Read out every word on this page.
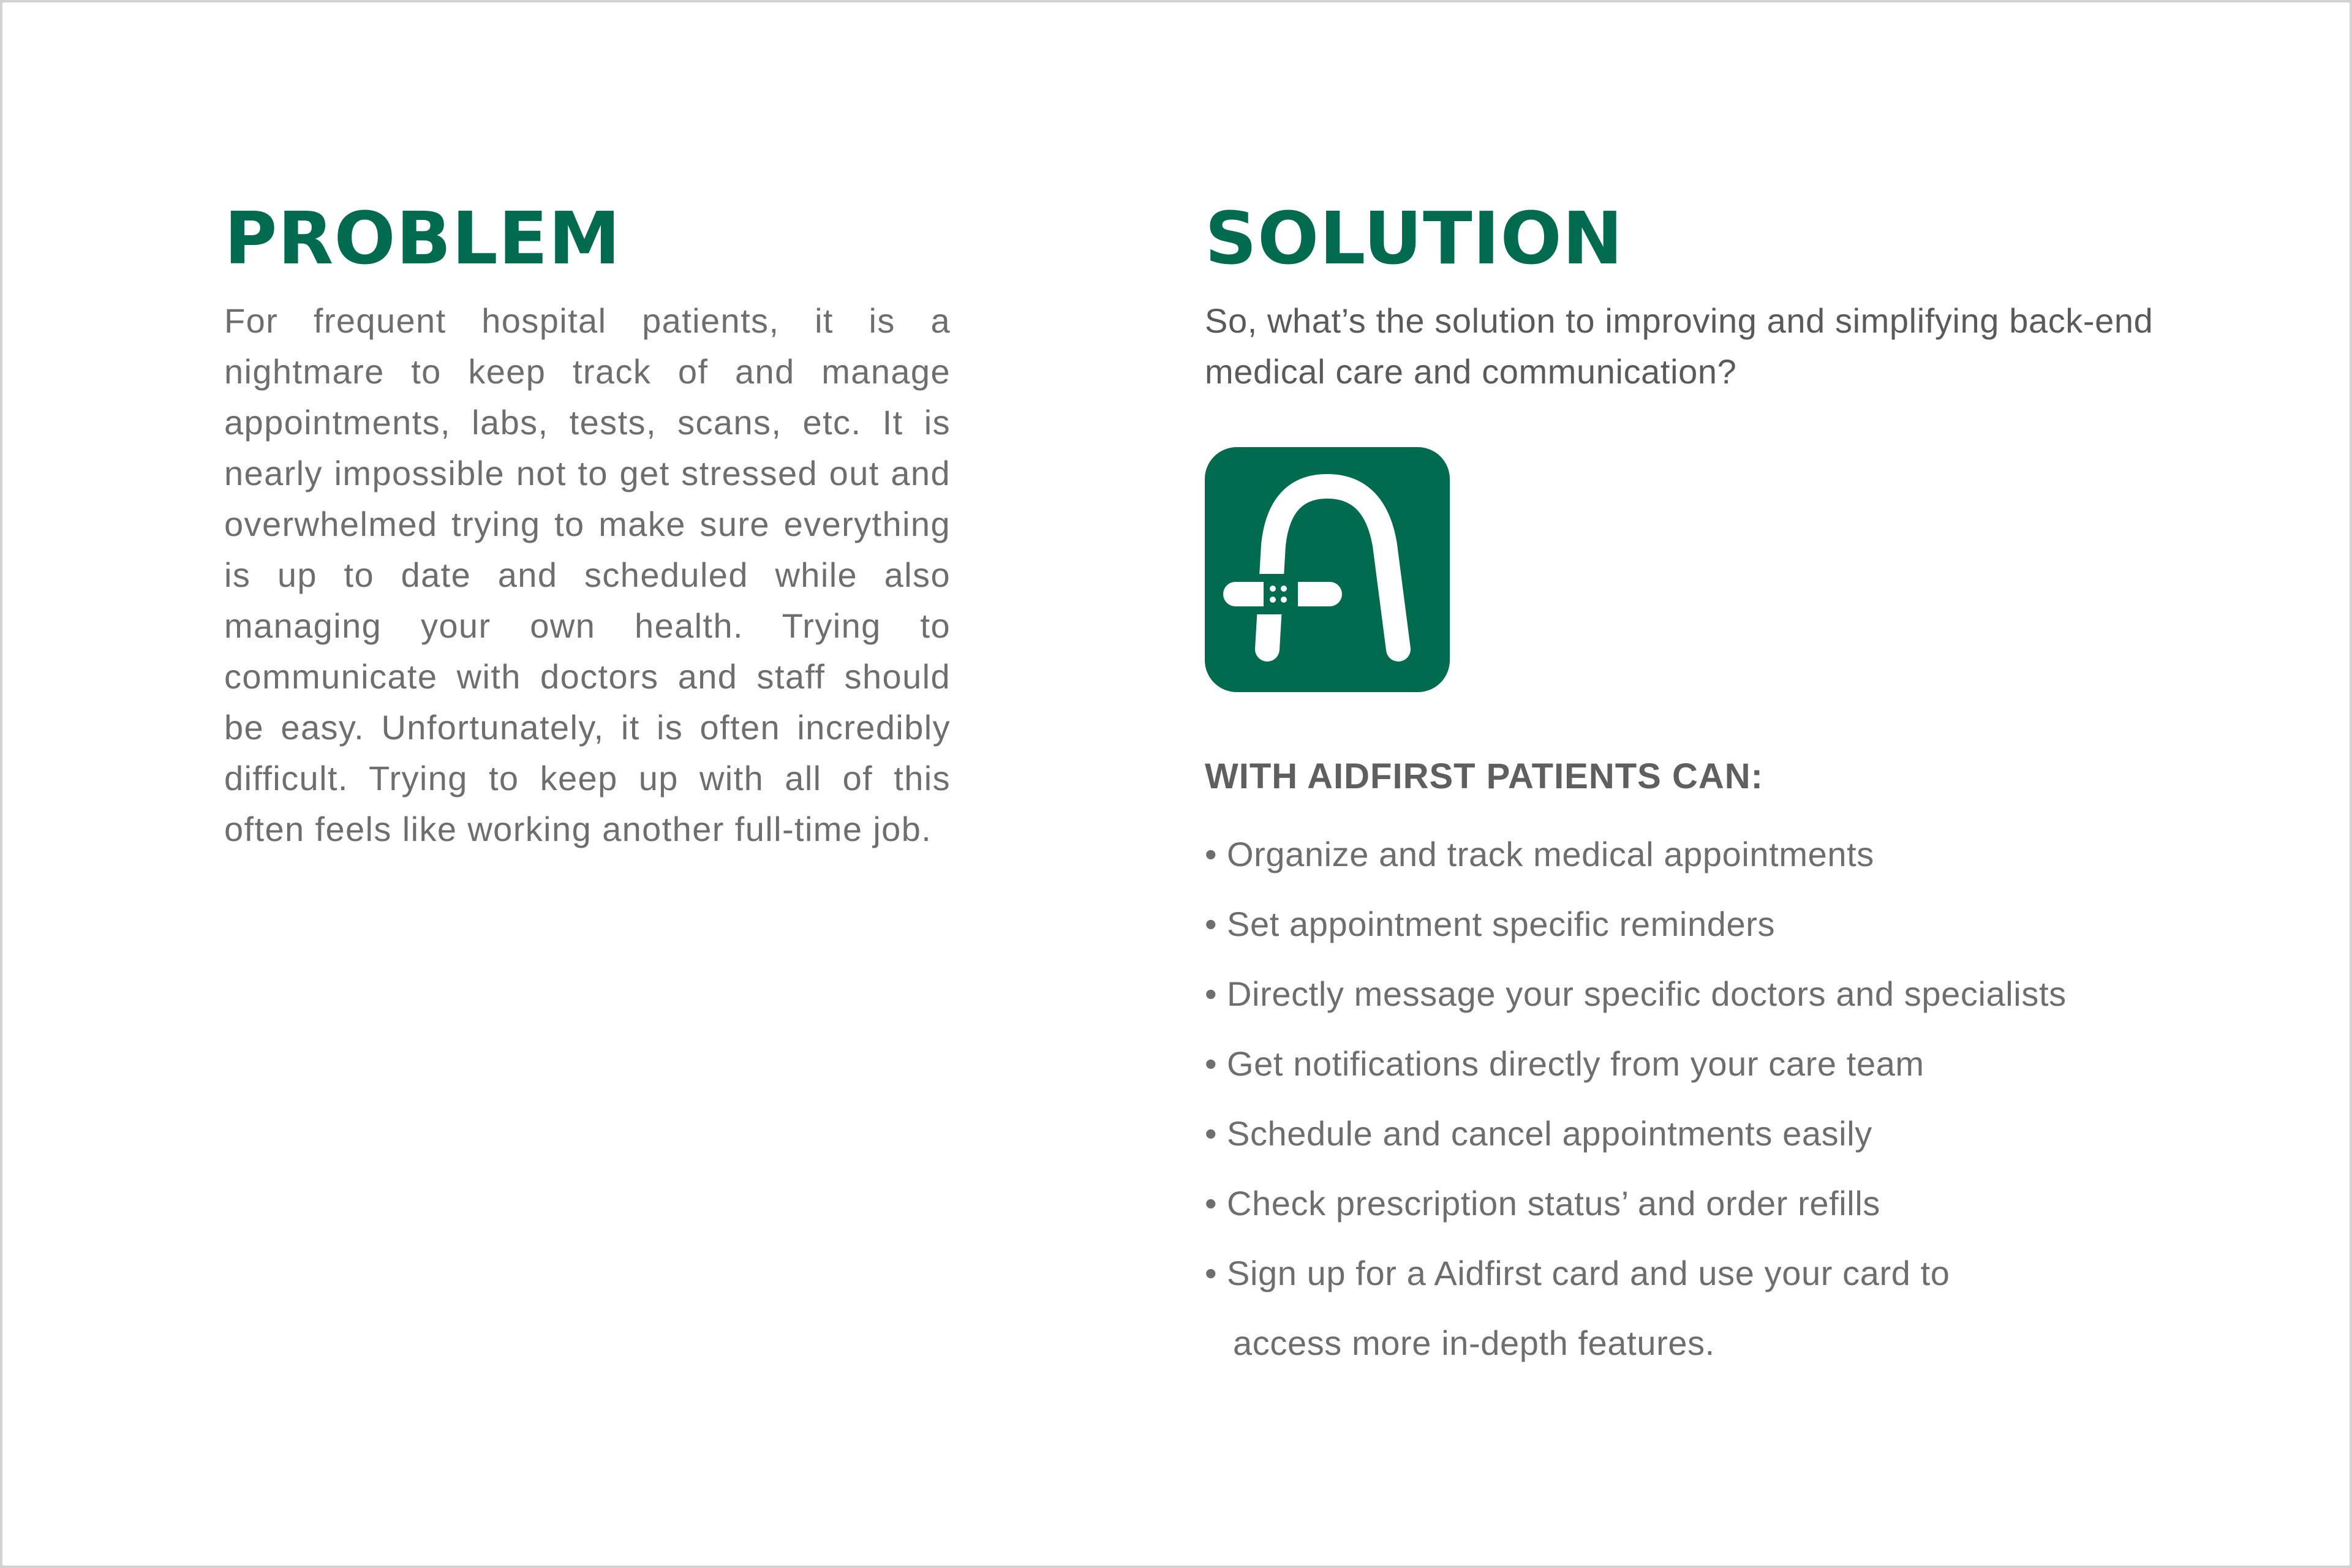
PROBLEM

For frequent hospital patients, it is a nightmare to keep track of and manage appointments, labs, tests, scans, etc. It is nearly impossible not to get stressed out and overwhelmed trying to make sure everything is up to date and scheduled while also managing your own health. Trying to communicate with doctors and staff should be easy. Unfortunately, it is often incredibly difficult. Trying to keep up with all of this often feels like working another full-time job.

SOLUTION

So, what’s the solution to improving and simplifying back-end medical care and communication?

WITH AIDFIRST PATIENTS CAN:
• Organize and track medical appointments
• Set appointment specific reminders
• Directly message your specific doctors and specialists
• Get notifications directly from your care team
• Schedule and cancel appointments easily
• Check prescription status’ and order refills
• Sign up for a Aidfirst card and use your card to
access more in-depth features.
